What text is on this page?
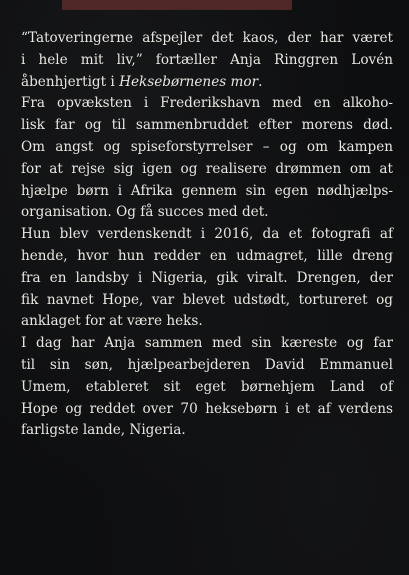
“Tatoveringerne afspejler det kaos, der har været
i hele mit liv,” fortæller Anja Ringgren Lovén
åbenhjertigt i Heksebørnenes mor.
Fra opvæksten i Frederikshavn med en alkoho-
lisk far og til sammenbruddet efter morens død.
Om angst og spiseforstyrrelser – og om kampen
for at rejse sig igen og realisere drømmen om at
hjælpe børn i Afrika gennem sin egen nødhjælps-
organisation. Og få succes med det.
Hun blev verdenskendt i 2016, da et fotografi af
hende, hvor hun redder en udmagret, lille dreng
fra en landsby i Nigeria, gik viralt. Drengen, der
fik navnet Hope, var blevet udstødt, tortureret og
anklaget for at være heks.
I dag har Anja sammen med sin kæreste og far
til sin søn, hjælpearbejderen David Emmanuel
Umem, etableret sit eget børnehjem Land of
Hope og reddet over 70 heksebørn i et af verdens
farligste lande, Nigeria.
